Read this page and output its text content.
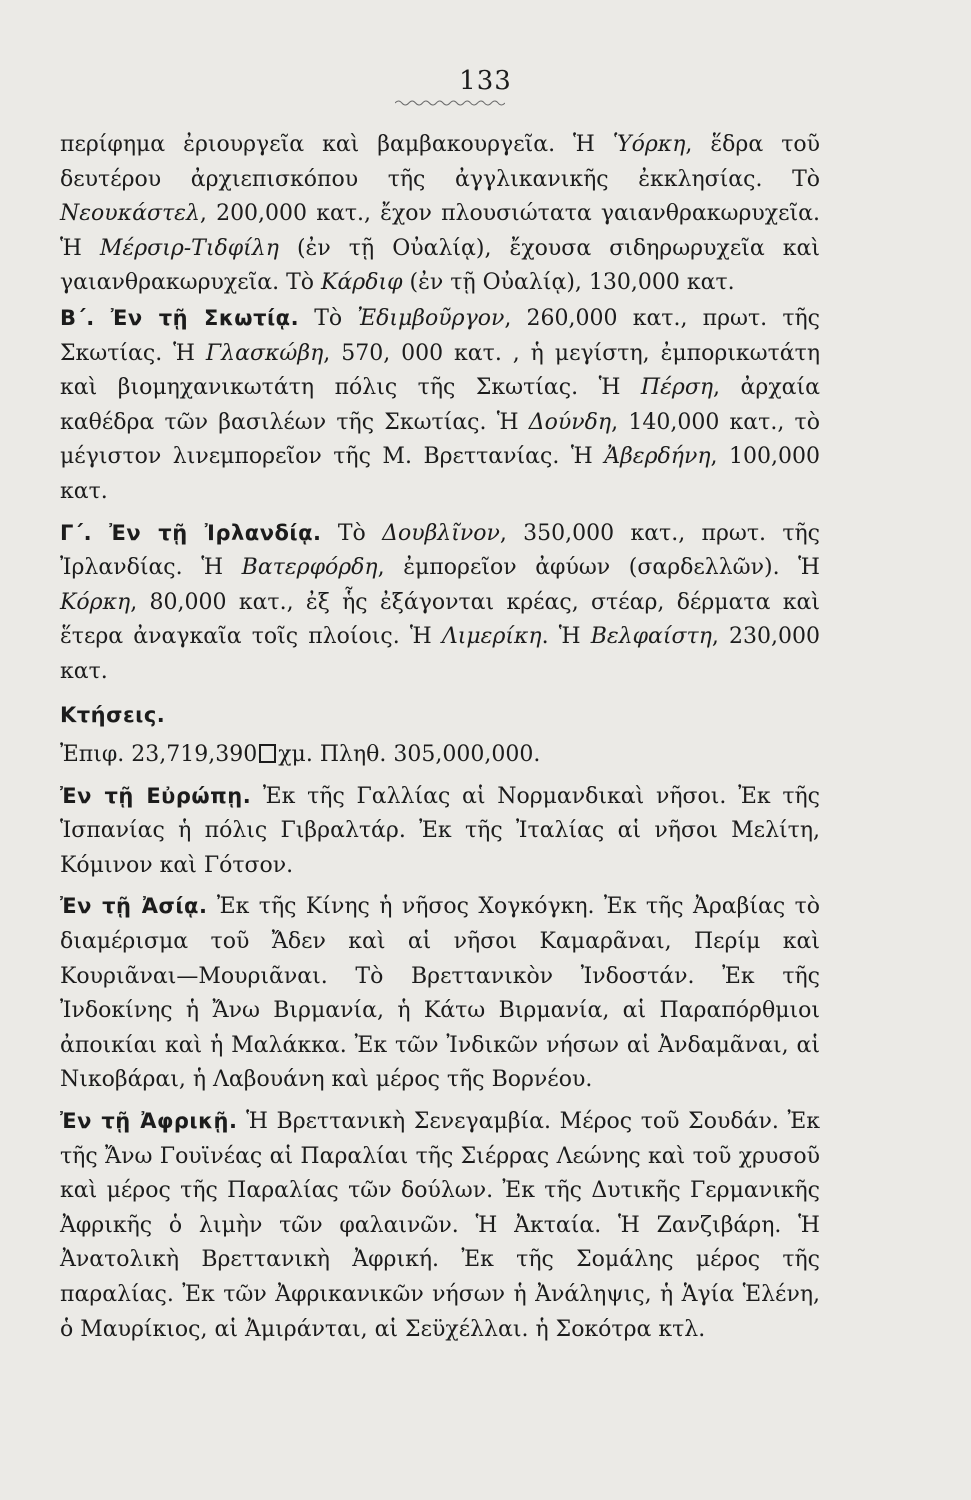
133

περίφημα ἐριουργεῖα καὶ βαμβακουργεῖα. Ἡ Ὑόρκη, ἕδρα τοῦ δευτέρου ἀρχιεπισκόπου τῆς ἀγγλικανικῆς ἐκκλησίας. Τὸ Νεουκάστελ, 200,000 κατ., ἔχον πλουσιώτατα γαιανθρακωρυχεῖα. Ἡ Μέρσιρ-Τιδφίλη (ἐν τῇ Οὐαλίᾳ), ἔχουσα σιδηρωρυχεῖα καὶ γαιανθρακωρυχεῖα. Τὸ Κάρδιφ (ἐν τῇ Οὐαλίᾳ), 130,000 κατ.

Β΄. Ἐν τῇ Σκωτίᾳ. Τὸ Ἐδιμβοῦργον, 260,000 κατ., πρωτ. τῆς Σκωτίας. Ἡ Γλασκώβη, 570, 000 κατ. , ἡ μεγίστη, ἐμπορικωτάτη καὶ βιομηχανικωτάτη πόλις τῆς Σκωτίας. Ἡ Πέρση, ἀρχαία καθέδρα τῶν βασιλέων τῆς Σκωτίας. Ἡ Δούνδη, 140,000 κατ., τὸ μέγιστον λινεμπορεῖον τῆς Μ. Βρεττανίας. Ἡ Ἀβερδήνη, 100,000 κατ.

Γ΄. Ἐν τῇ Ἰρλανδίᾳ. Τὸ Δουβλῖνον, 350,000 κατ., πρωτ. τῆς Ἰρλανδίας. Ἡ Βατερφόρδη, ἐμπορεῖον ἀφύων (σαρδελλῶν). Ἡ Κόρκη, 80,000 κατ., ἐξ ἧς ἐξάγονται κρέας, στέαρ, δέρματα καὶ ἕτερα ἀναγκαῖα τοῖς πλοίοις. Ἡ Λιμερίκη. Ἡ Βελφαίστη, 230,000 κατ.

Κτήσεις.

Ἐπιφ. 23,719,390 χμ. Πληθ. 305,000,000.

Ἐν τῇ Εὐρώπῃ. Ἐκ τῆς Γαλλίας αἱ Νορμανδικαὶ νῆσοι. Ἐκ τῆς Ἱσπανίας ἡ πόλις Γιβραλτάρ. Ἐκ τῆς Ἰταλίας αἱ νῆσοι Μελίτη, Κόμινον καὶ Γότσον.

Ἐν τῇ Ἀσίᾳ. Ἐκ τῆς Κίνης ἡ νῆσος Χογκόγκη. Ἐκ τῆς Ἀραβίας τὸ διαμέρισμα τοῦ Ἄδεν καὶ αἱ νῆσοι Καμαρᾶναι, Περίμ καὶ Κουριᾶναι—Μουριᾶναι. Τὸ Βρεττανικὸν Ἰνδοστάν. Ἐκ τῆς Ἰνδοκίνης ἡ Ἄνω Βιρμανία, ἡ Κάτω Βιρμανία, αἱ Παραπόρθμιοι ἀποικίαι καὶ ἡ Μαλάκκα. Ἐκ τῶν Ἰνδικῶν νήσων αἱ Ἀνδαμᾶναι, αἱ Νικοβάραι, ἡ Λαβουάνη καὶ μέρος τῆς Βορνέου.

Ἐν τῇ Ἀφρικῇ. Ἡ Βρεττανικὴ Σενεγαμβία. Μέρος τοῦ Σουδάν. Ἐκ τῆς Ἄνω Γουϊνέας αἱ Παραλίαι τῆς Σιέρρας Λεώνης καὶ τοῦ χρυσοῦ καὶ μέρος τῆς Παραλίας τῶν δούλων. Ἐκ τῆς Δυτικῆς Γερμανικῆς Ἀφρικῆς ὁ λιμὴν τῶν φαλαινῶν. Ἡ Ἀκταία. Ἡ Ζανζιβάρη. Ἡ Ἀνατολικὴ Βρεττανικὴ Ἀφρική. Ἐκ τῆς Σομάλης μέρος τῆς παραλίας. Ἐκ τῶν Ἀφρικανικῶν νήσων ἡ Ἀνάληψις, ἡ Ἁγία Ἑλένη, ὁ Μαυρίκιος, αἱ Ἀμιράνται, αἱ Σεϋχέλλαι. ἡ Σοκότρα κτλ.
